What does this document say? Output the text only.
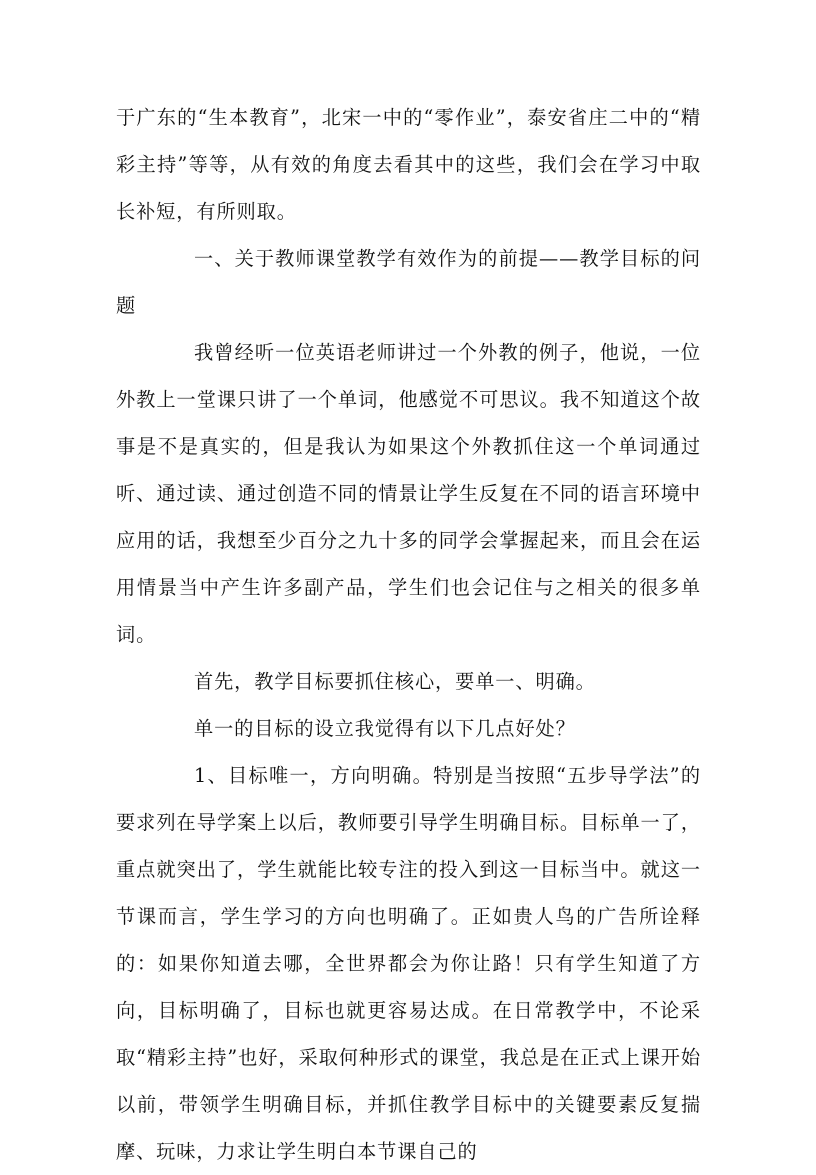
于广东的“生本教育”，北宋一中的“零作业”，泰安省庄二中的“精彩主持”等等，从有效的角度去看其中的这些，我们会在学习中取长补短，有所则取。

一、关于教师课堂教学有效作为的前提——教学目标的问题

我曾经听一位英语老师讲过一个外教的例子，他说，一位外教上一堂课只讲了一个单词，他感觉不可思议。我不知道这个故事是不是真实的，但是我认为如果这个外教抓住这一个单词通过听、通过读、通过创造不同的情景让学生反复在不同的语言环境中应用的话，我想至少百分之九十多的同学会掌握起来，而且会在运用情景当中产生许多副产品，学生们也会记住与之相关的很多单词。

首先，教学目标要抓住核心，要单一、明确。

单一的目标的设立我觉得有以下几点好处？

1、目标唯一，方向明确。特别是当按照“五步导学法”的要求列在导学案上以后，教师要引导学生明确目标。目标单一了，重点就突出了，学生就能比较专注的投入到这一目标当中。就这一节课而言，学生学习的方向也明确了。正如贵人鸟的广告所诠释的：如果你知道去哪，全世界都会为你让路！只有学生知道了方向，目标明确了，目标也就更容易达成。在日常教学中，不论采取“精彩主持”也好，采取何种形式的课堂，我总是在正式上课开始以前，带领学生明确目标，并抓住教学目标中的关键要素反复揣摩、玩味，力求让学生明白本节课自己的
